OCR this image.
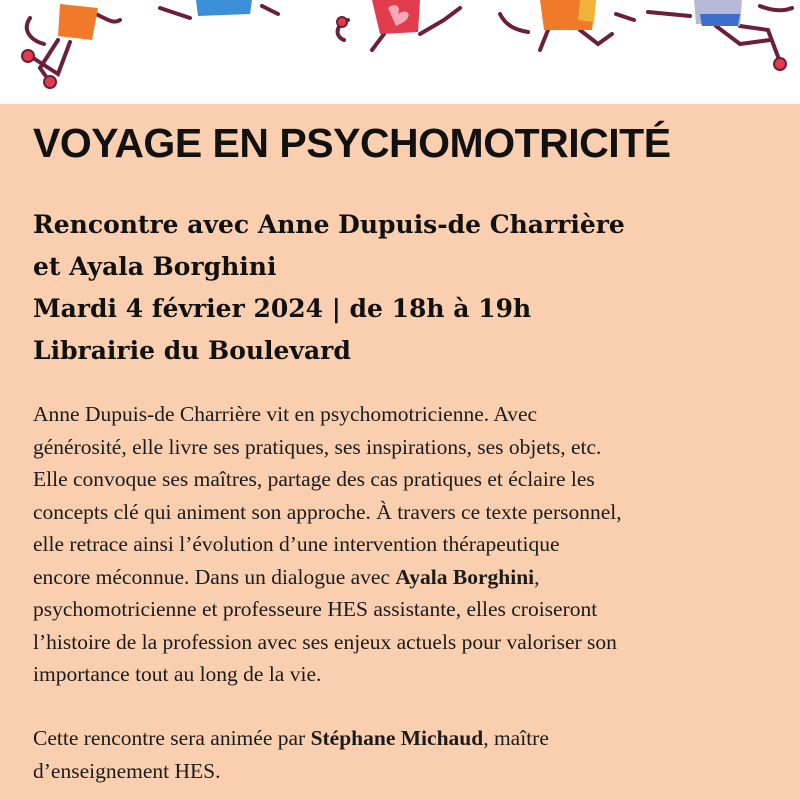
VOYAGE EN PSYCHOMOTRICITÉ
Rencontre avec Anne Dupuis-de Charrière
et Ayala Borghini
Mardi 4 février 2024 | de 18h à 19h
Librairie du Boulevard
Anne Dupuis-de Charrière vit en psychomotricienne. Avec
générosité, elle livre ses pratiques, ses inspirations, ses objets, etc.
Elle convoque ses maîtres, partage des cas pratiques et éclaire les
concepts clé qui animent son approche. À travers ce texte personnel,
elle retrace ainsi l’évolution d’une intervention thérapeutique
encore méconnue. Dans un dialogue avec Ayala Borghini,
psychomotricienne et professeure HES assistante, elles croiseront
l’histoire de la profession avec ses enjeux actuels pour valoriser son
importance tout au long de la vie.
Cette rencontre sera animée par Stéphane Michaud, maître
d’enseignement HES.
